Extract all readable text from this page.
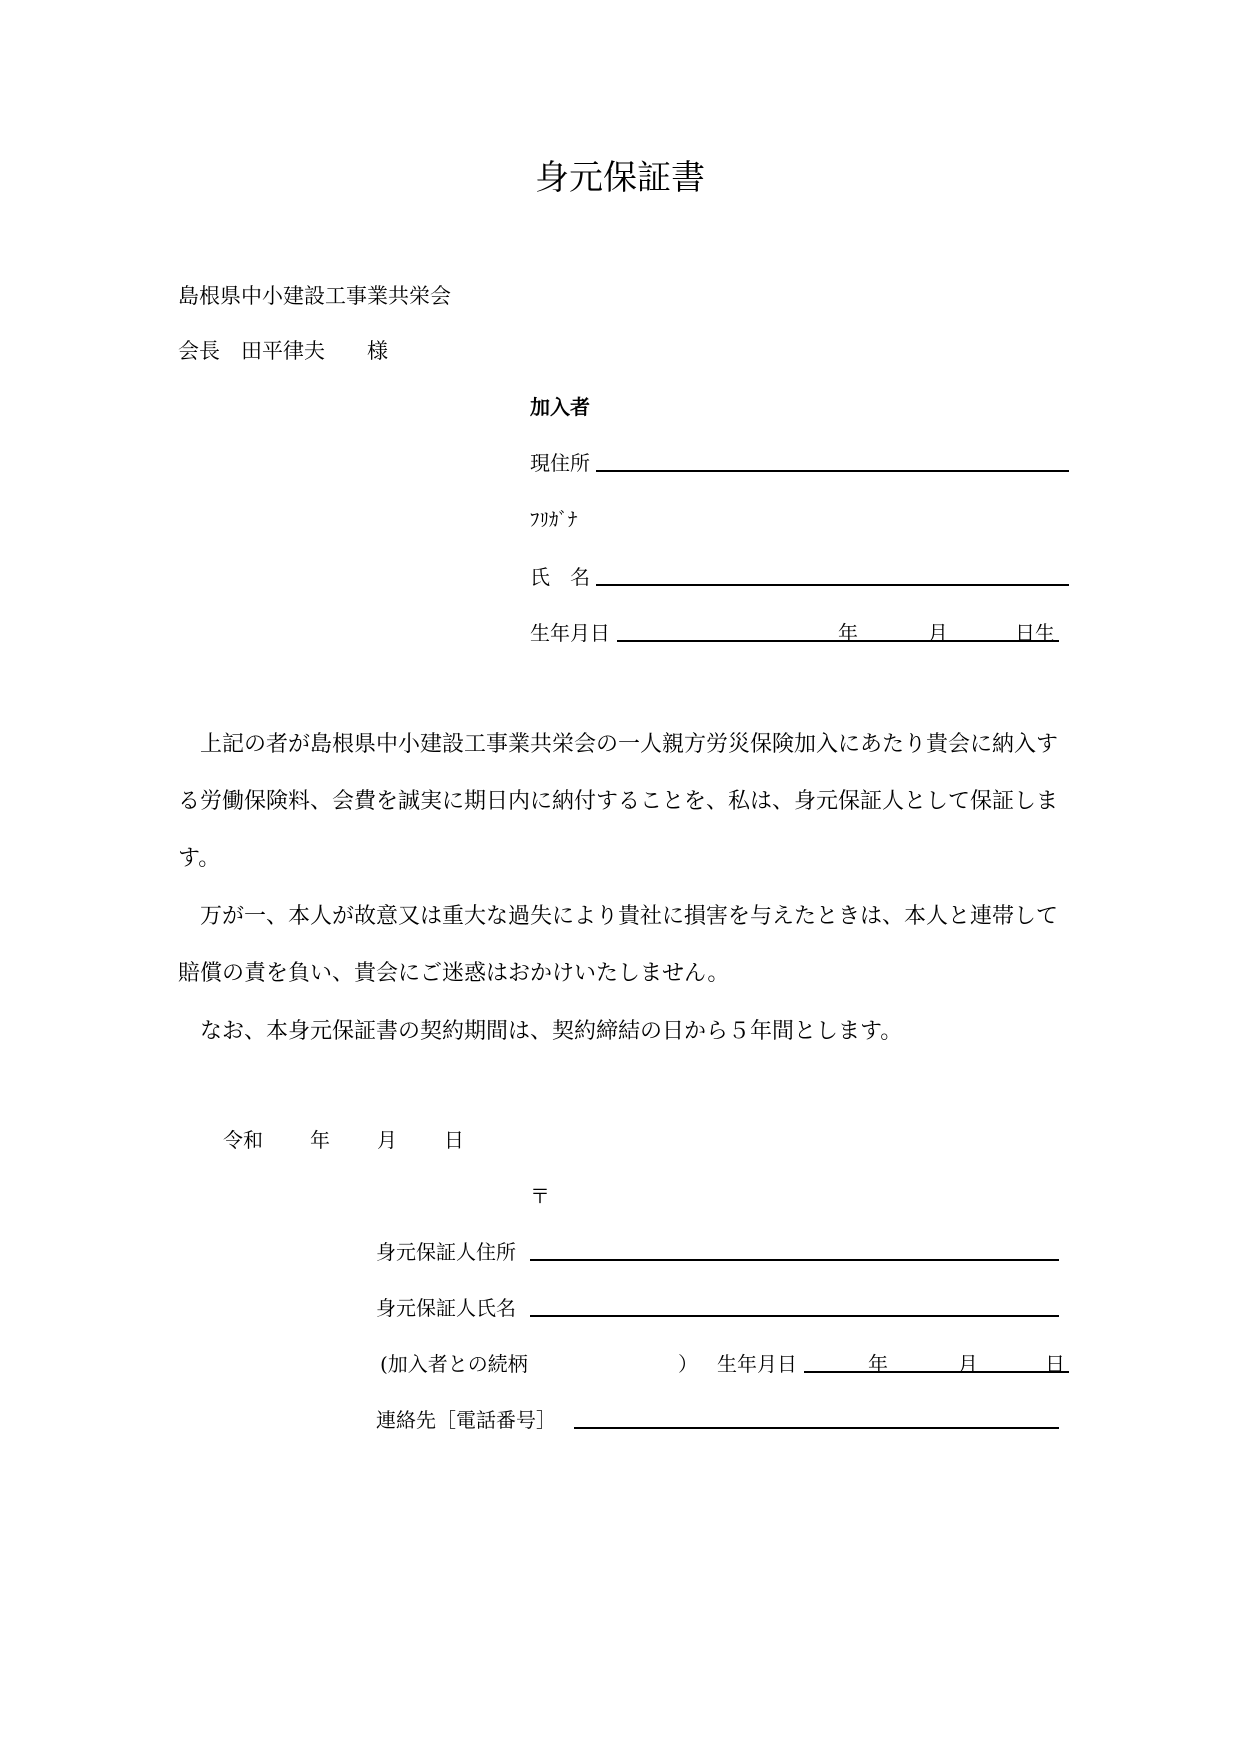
身元保証書
島根県中小建設工事業共栄会
会長　田平律夫　　様
加入者
現住所
ﾌﾘｶﾞﾅ
氏　名
生年月日	年	月	日生

上記の者が島根県中小建設工事業共栄会の一人親方労災保険加入にあたり貴会に納入する労働保険料、会費を誠実に期日内に納付することを、私は、身元保証人として保証します。

万が一、本人が故意又は重大な過失により貴社に損害を与えたときは、本人と連帯して賠償の責を負い、貴会にご迷惑はおかけいたしません。

なお、本身元保証書の契約期間は、契約締結の日から５年間とします。

令和 年 月 日
〒
身元保証人住所
身元保証人氏名
(加入者との続柄	） 生年月日	年	月	日
連絡先［電話番号］
